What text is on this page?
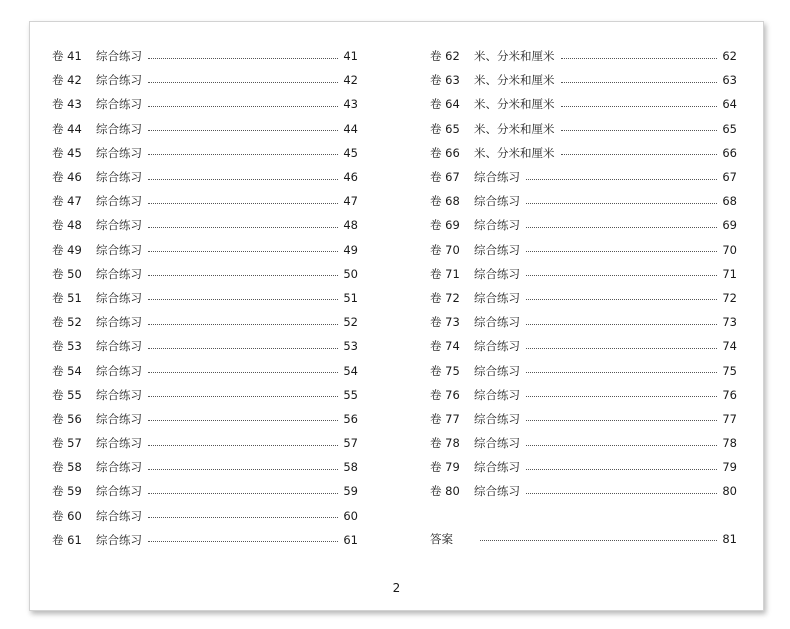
卷 41	综合练习	41
卷 42	综合练习	42
卷 43	综合练习	43
卷 44	综合练习	44
卷 45	综合练习	45
卷 46	综合练习	46
卷 47	综合练习	47
卷 48	综合练习	48
卷 49	综合练习	49
卷 50	综合练习	50
卷 51	综合练习	51
卷 52	综合练习	52
卷 53	综合练习	53
卷 54	综合练习	54
卷 55	综合练习	55
卷 56	综合练习	56
卷 57	综合练习	57
卷 58	综合练习	58
卷 59	综合练习	59
卷 60	综合练习	60
卷 61	综合练习	61
卷 62	米、分米和厘米	62
卷 63	米、分米和厘米	63
卷 64	米、分米和厘米	64
卷 65	米、分米和厘米	65
卷 66	米、分米和厘米	66
卷 67	综合练习	67
卷 68	综合练习	68
卷 69	综合练习	69
卷 70	综合练习	70
卷 71	综合练习	71
卷 72	综合练习	72
卷 73	综合练习	73
卷 74	综合练习	74
卷 75	综合练习	75
卷 76	综合练习	76
卷 77	综合练习	77
卷 78	综合练习	78
卷 79	综合练习	79
卷 80	综合练习	80
答案	81
2
